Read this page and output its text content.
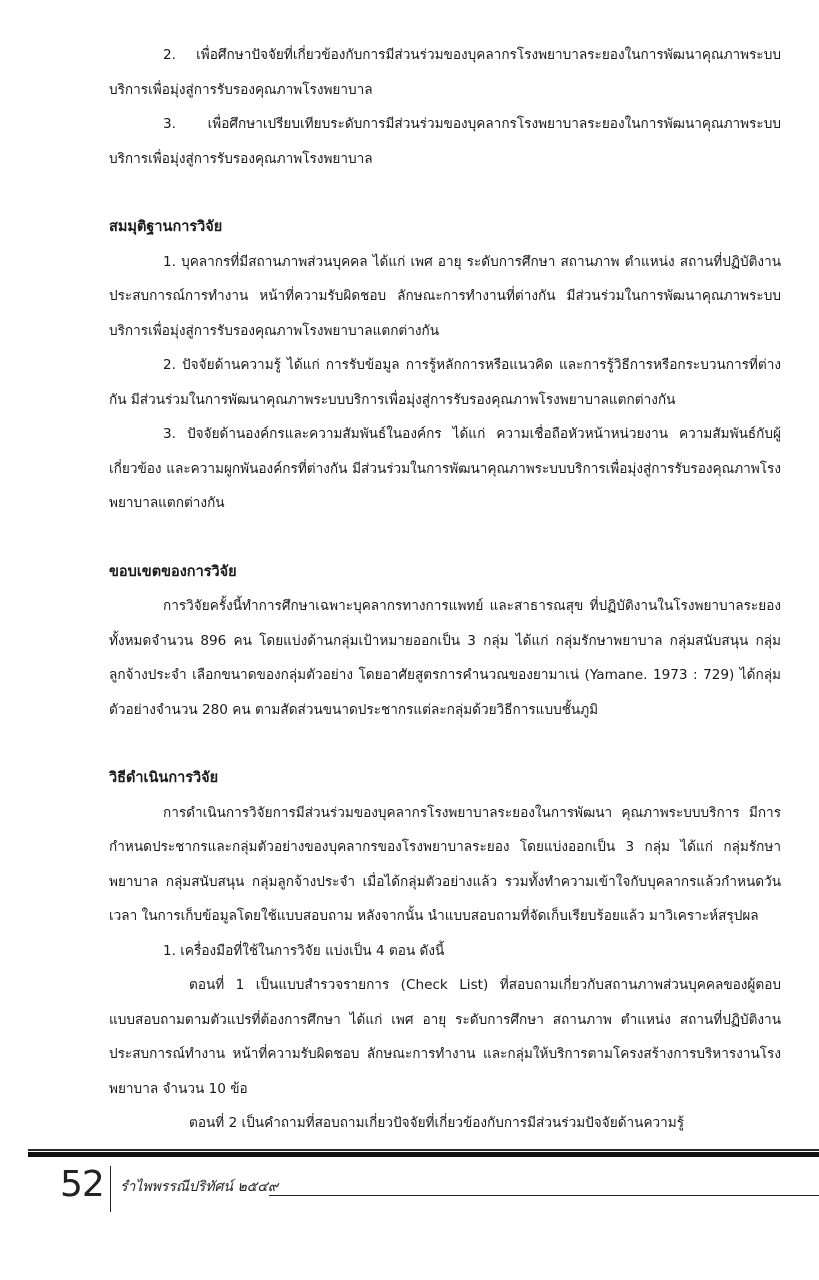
2. เพื่อศึกษาปัจจัยที่เกี่ยวข้องกับการมีส่วนร่วมของบุคลากรโรงพยาบาลระยองในการพัฒนาคุณภาพระบบบริการเพื่อมุ่งสู่การรับรองคุณภาพโรงพยาบาล

3. เพื่อศึกษาเปรียบเทียบระดับการมีส่วนร่วมของบุคลากรโรงพยาบาลระยองในการพัฒนาคุณภาพระบบบริการเพื่อมุ่งสู่การรับรองคุณภาพโรงพยาบาล

สมมุติฐานการวิจัย

1. บุคลากรที่มีสถานภาพส่วนบุคคล ได้แก่ เพศ อายุ ระดับการศึกษา สถานภาพ ตำแหน่ง สถานที่ปฏิบัติงาน ประสบการณ์การทำงาน หน้าที่ความรับผิดชอบ ลักษณะการทำงานที่ต่างกัน มีส่วนร่วมในการพัฒนาคุณภาพระบบบริการเพื่อมุ่งสู่การรับรองคุณภาพโรงพยาบาลแตกต่างกัน

2. ปัจจัยด้านความรู้ ได้แก่ การรับข้อมูล การรู้หลักการหรือแนวคิด และการรู้วิธีการหรือกระบวนการที่ต่างกัน มีส่วนร่วมในการพัฒนาคุณภาพระบบบริการเพื่อมุ่งสู่การรับรองคุณภาพโรงพยาบาลแตกต่างกัน

3. ปัจจัยด้านองค์กรและความสัมพันธ์ในองค์กร ได้แก่ ความเชื่อถือหัวหน้าหน่วยงาน ความสัมพันธ์กับผู้เกี่ยวข้อง และความผูกพันองค์กรที่ต่างกัน มีส่วนร่วมในการพัฒนาคุณภาพระบบบริการเพื่อมุ่งสู่การรับรองคุณภาพโรงพยาบาลแตกต่างกัน

ขอบเขตของการวิจัย

การวิจัยครั้งนี้ทำการศึกษาเฉพาะบุคลากรทางการแพทย์ และสาธารณสุข ที่ปฏิบัติงานในโรงพยาบาลระยอง ทั้งหมดจำนวน 896 คน โดยแบ่งด้านกลุ่มเป้าหมายออกเป็น 3 กลุ่ม ได้แก่ กลุ่มรักษาพยาบาล กลุ่มสนับสนุน กลุ่มลูกจ้างประจำ เลือกขนาดของกลุ่มตัวอย่าง โดยอาศัยสูตรการคำนวณของยามาเน่ (Yamane. 1973 : 729) ได้กลุ่มตัวอย่างจำนวน 280 คน ตามสัดส่วนขนาดประชากรแต่ละกลุ่มด้วยวิธีการแบบชั้นภูมิ

วิธีดำเนินการวิจัย

การดำเนินการวิจัยการมีส่วนร่วมของบุคลากรโรงพยาบาลระยองในการพัฒนา คุณภาพระบบบริการ มีการกำหนดประชากรและกลุ่มตัวอย่างของบุคลากรของโรงพยาบาลระยอง โดยแบ่งออกเป็น 3 กลุ่ม ได้แก่ กลุ่มรักษาพยาบาล กลุ่มสนับสนุน กลุ่มลูกจ้างประจำ เมื่อได้กลุ่มตัวอย่างแล้ว รวมทั้งทำความเข้าใจกับบุคลากรแล้วกำหนดวัน เวลา ในการเก็บข้อมูลโดยใช้แบบสอบถาม หลังจากนั้น นำแบบสอบถามที่จัดเก็บเรียบร้อยแล้ว มาวิเคราะห์สรุปผล

1. เครื่องมือที่ใช้ในการวิจัย แบ่งเป็น 4 ตอน ดังนี้

ตอนที่ 1 เป็นแบบสำรวจรายการ (Check List) ที่สอบถามเกี่ยวกับสถานภาพส่วนบุคคลของผู้ตอบแบบสอบถามตามตัวแปรที่ต้องการศึกษา ได้แก่ เพศ อายุ ระดับการศึกษา สถานภาพ ตำแหน่ง สถานที่ปฏิบัติงาน ประสบการณ์ทำงาน หน้าที่ความรับผิดชอบ ลักษณะการทำงาน และกลุ่มให้บริการตามโครงสร้างการบริหารงานโรงพยาบาล จำนวน 10 ข้อ

ตอนที่ 2 เป็นคำถามที่สอบถามเกี่ยวปัจจัยที่เกี่ยวข้องกับการมีส่วนร่วมปัจจัยด้านความรู้

52 รำไพพรรณีปริทัศน์ ๒๕๔๙
